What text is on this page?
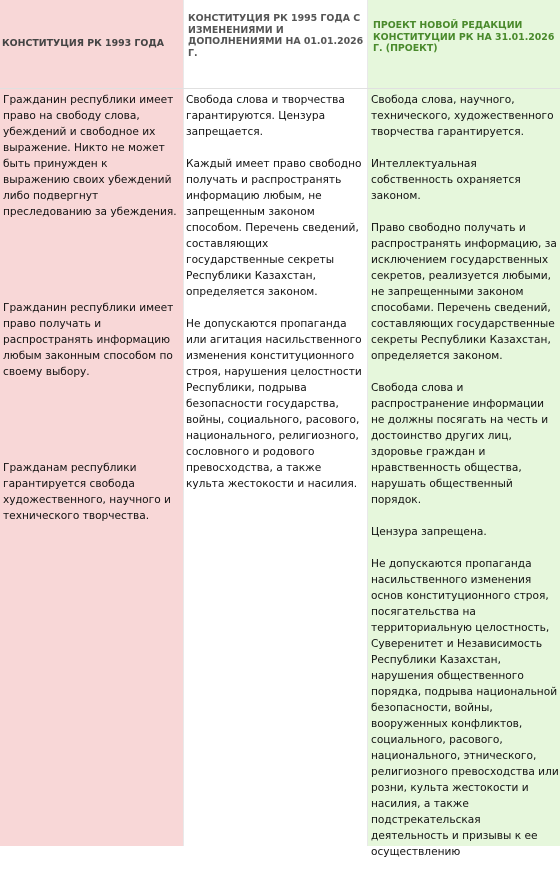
КОНСТИТУЦИЯ РК 1993 ГОДА
КОНСТИТУЦИЯ РК 1995 ГОДА С ИЗМЕНЕНИЯМИ И ДОПОЛНЕНИЯМИ НА 01.01.2026 Г.
ПРОЕКТ НОВОЙ РЕДАКЦИИ КОНСТИТУЦИИ РК НА 31.01.2026 Г. (ПРОЕКТ)

Гражданин республики имеет право на свободу слова, убеждений и свободное их выражение. Никто не может быть принужден к выражению своих убеждений либо подвергнут преследованию за убеждения.

Гражданин республики имеет право получать и распространять информацию любым законным способом по своему выбору.

Гражданам республики гарантируется свобода художественного, научного и технического творчества.

Свобода слова и творчества гарантируются. Цензура запрещается.

Каждый имеет право свободно получать и распространять информацию любым, не запрещенным законом способом. Перечень сведений, составляющих государственные секреты Республики Казахстан, определяется законом.

Не допускаются пропаганда или агитация насильственного изменения конституционного строя, нарушения целостности Республики, подрыва безопасности государства, войны, социального, расового, национального, религиозного, сословного и родового превосходства, а также культа жестокости и насилия.

Свобода слова, научного, технического, художественного творчества гарантируется.

Интеллектуальная собственность охраняется законом.

Право свободно получать и распространять информацию, за исключением государственных секретов, реализуется любыми, не запрещенными законом способами. Перечень сведений, составляющих государственные секреты Республики Казахстан, определяется законом.

Свобода слова и распространение информации не должны посягать на честь и достоинство других лиц, здоровье граждан и нравственность общества, нарушать общественный порядок.

Цензура запрещена.

Не допускаются пропаганда насильственного изменения основ конституционного строя, посягательства на территориальную целостность, Суверенитет и Независимость Республики Казахстан, нарушения общественного порядка, подрыва национальной безопасности, войны, вооруженных конфликтов, социального, расового, национального, этнического, религиозного превосходства или розни, культа жестокости и насилия, а также подстрекательская деятельность и призывы к ее осуществлению
